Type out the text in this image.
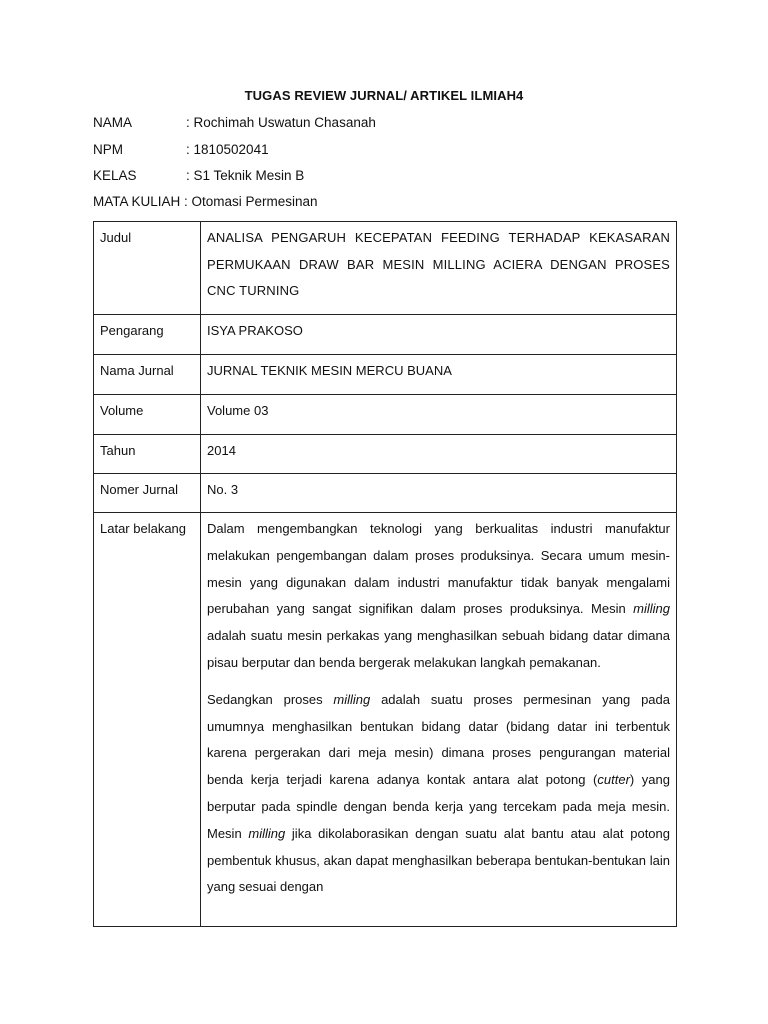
TUGAS REVIEW JURNAL/ ARTIKEL ILMIAH4
NAMA	: Rochimah Uswatun Chasanah
NPM	: 1810502041
KELAS	: S1 Teknik Mesin B
MATA KULIAH : Otomasi Permesinan
Judul	ANALISA PENGARUH KECEPATAN FEEDING TERHADAP KEKASARAN PERMUKAAN DRAW BAR MESIN MILLING ACIERA DENGAN PROSES CNC TURNING
Pengarang	ISYA PRAKOSO
Nama Jurnal	JURNAL TEKNIK MESIN MERCU BUANA
Volume	Volume 03
Tahun	2014
Nomer Jurnal	No. 3
Latar belakang	Dalam mengembangkan teknologi yang berkualitas industri manufaktur melakukan pengembangan dalam proses produksinya. Secara umum mesin-mesin yang digunakan dalam industri manufaktur tidak banyak mengalami perubahan yang sangat signifikan dalam proses produksinya. Mesin milling adalah suatu mesin perkakas yang menghasilkan sebuah bidang datar dimana pisau berputar dan benda bergerak melakukan langkah pemakanan.

Sedangkan proses milling adalah suatu proses permesinan yang pada umumnya menghasilkan bentukan bidang datar (bidang datar ini terbentuk karena pergerakan dari meja mesin) dimana proses pengurangan material benda kerja terjadi karena adanya kontak antara alat potong (cutter) yang berputar pada spindle dengan benda kerja yang tercekam pada meja mesin. Mesin milling jika dikolaborasikan dengan suatu alat bantu atau alat potong pembentuk khusus, akan dapat menghasilkan beberapa bentukan-bentukan lain yang sesuai dengan
